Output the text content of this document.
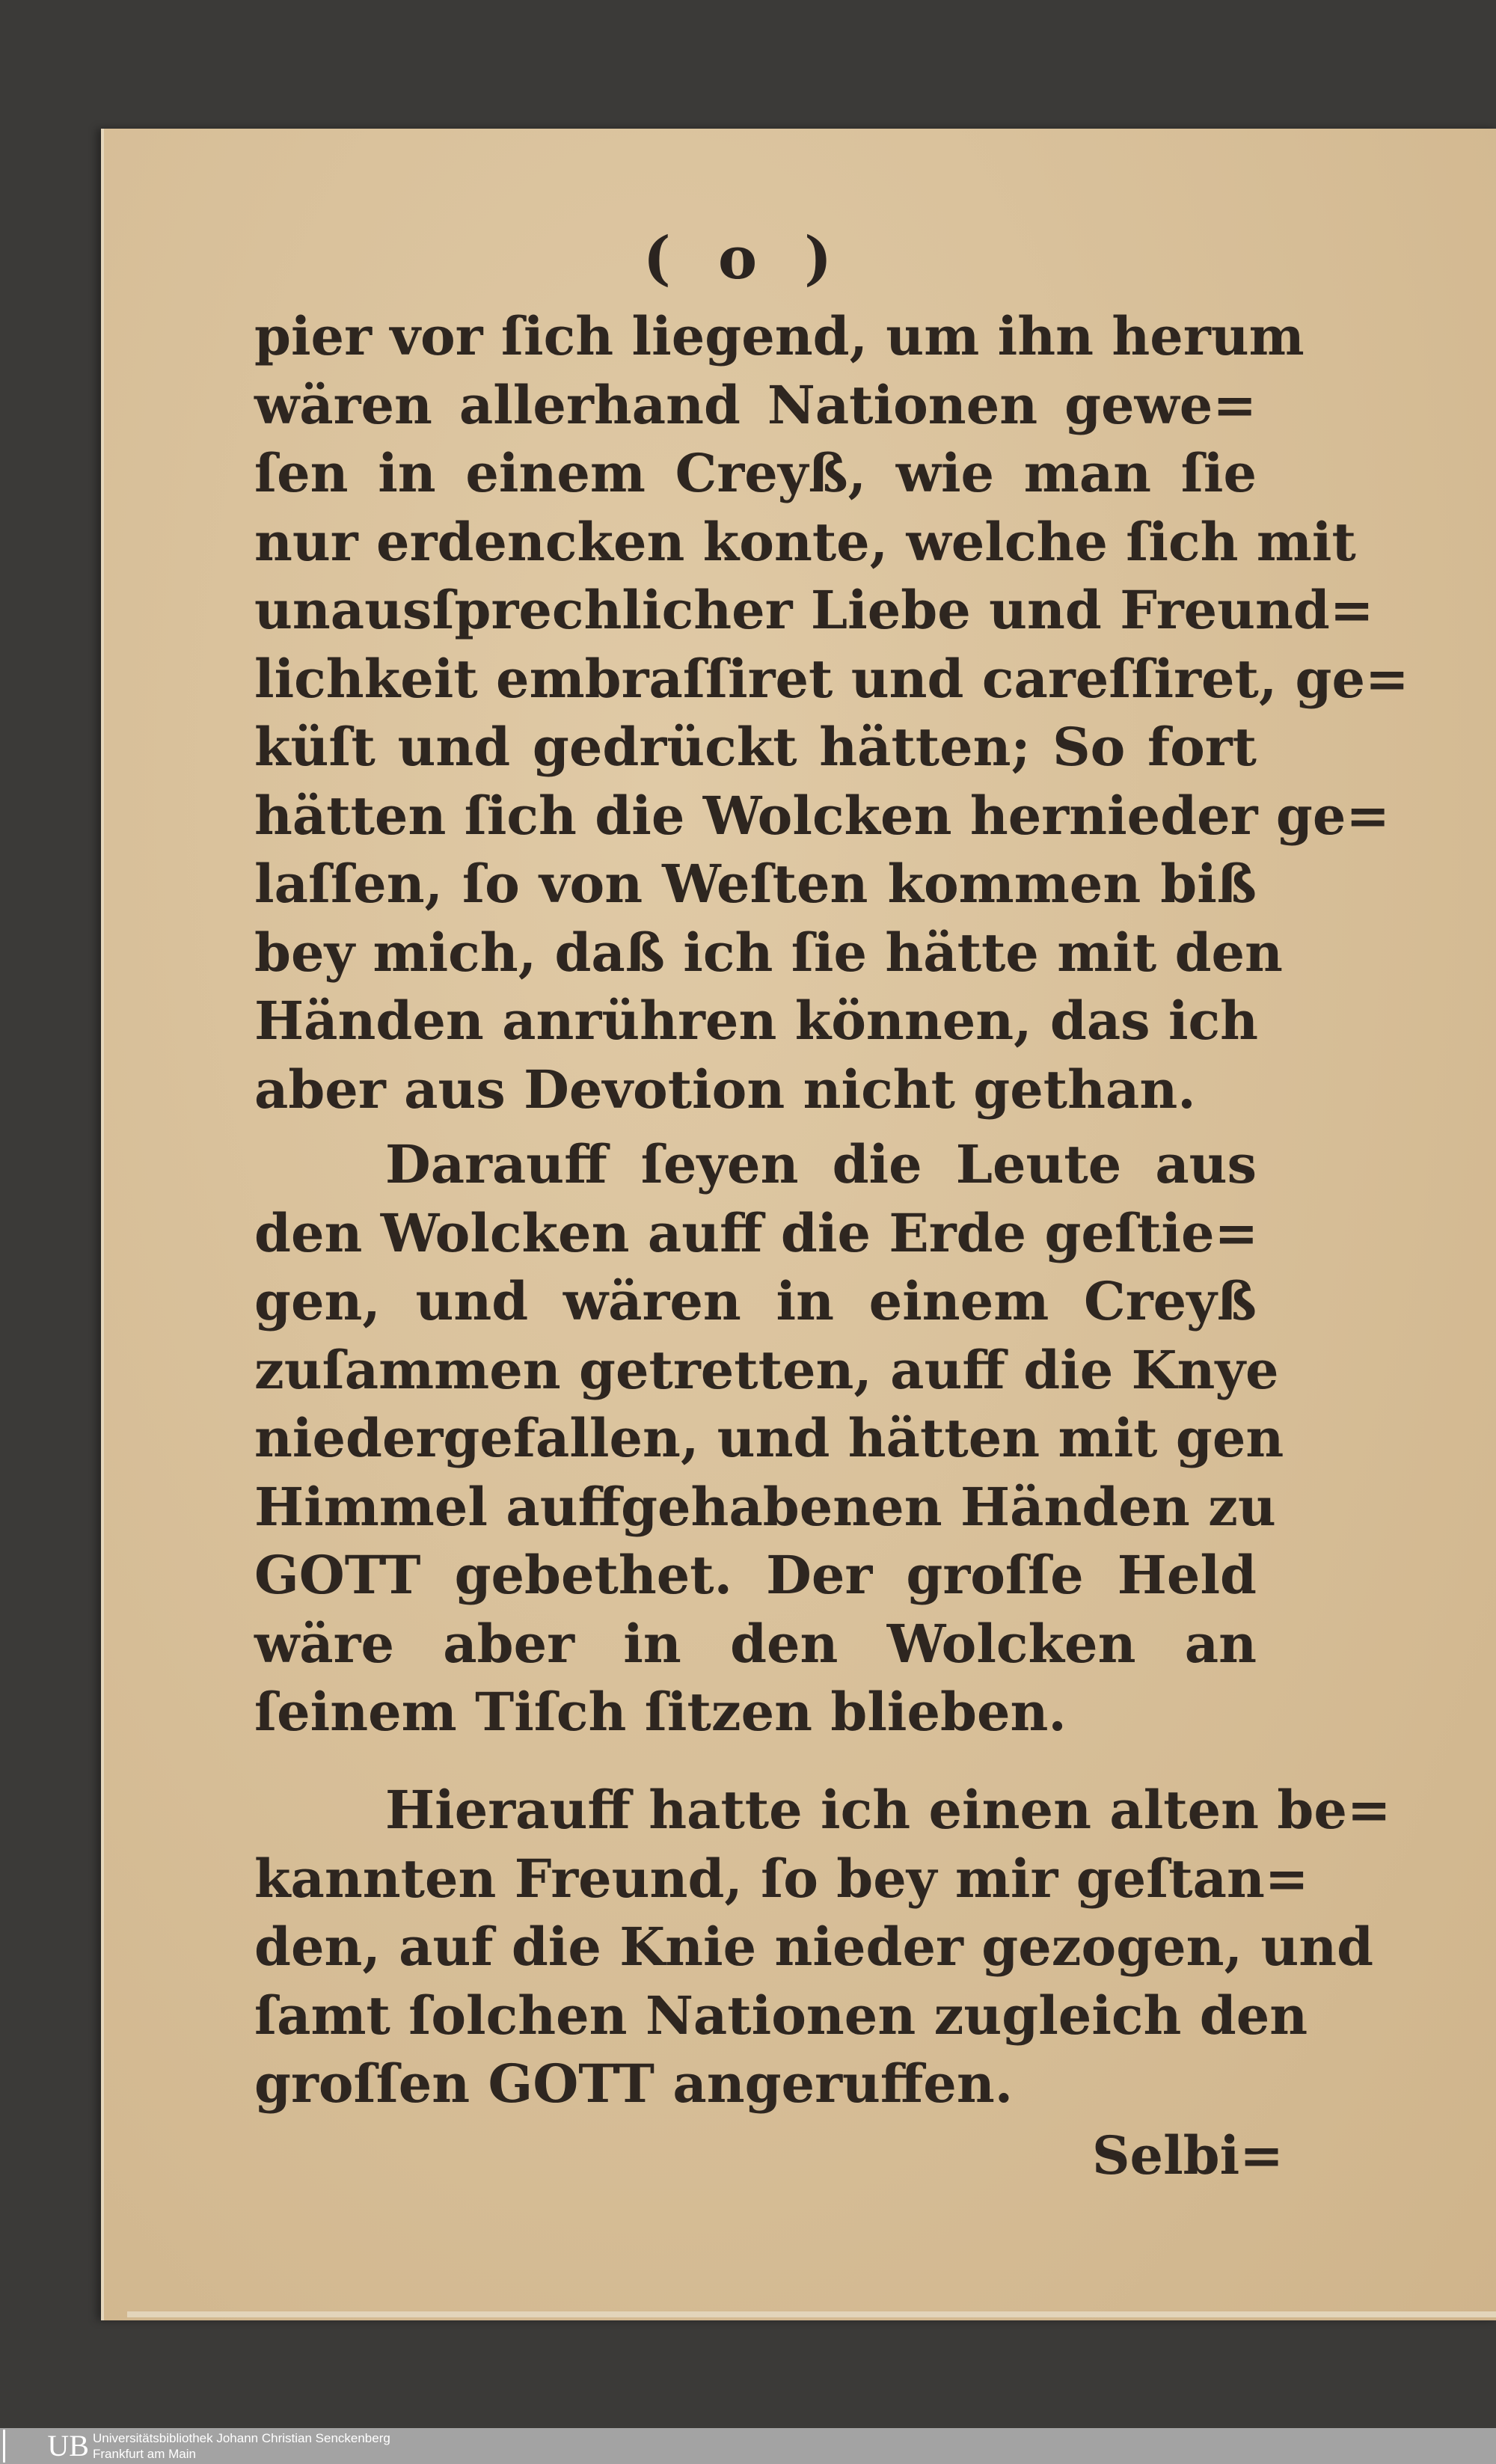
( o )
pier vor ſich liegend, um ihn herum
wären allerhand Nationen gewe=
ſen in einem Creyß, wie man ſie
nur erdencken konte, welche ſich mit
unausſprechlicher Liebe und Freund=
lichkeit embraſſiret und careſſiret, ge=
küſt und gedrückt hätten; So fort
hätten ſich die Wolcken hernieder ge=
laſſen, ſo von Weſten kommen biß
bey mich, daß ich ſie hätte mit den
Händen anrühren können, das ich
aber aus Devotion nicht gethan.
Darauff ſeyen die Leute aus
den Wolcken auff die Erde geſtie=
gen, und wären in einem Creyß
zuſammen getretten, auff die Knye
niedergefallen, und hätten mit gen
Himmel auffgehabenen Händen zu
GOTT gebethet. Der groſſe Held
wäre aber in den Wolcken an
ſeinem Tiſch ſitzen blieben.
Hierauff hatte ich einen alten be=
kannten Freund, ſo bey mir geſtan=
den, auf die Knie nieder gezogen, und
ſamt ſolchen Nationen zugleich den
groſſen GOTT angeruffen.
Selbi=
UB Universitätsbibliothek Johann Christian Senckenberg
Frankfurt am Main
